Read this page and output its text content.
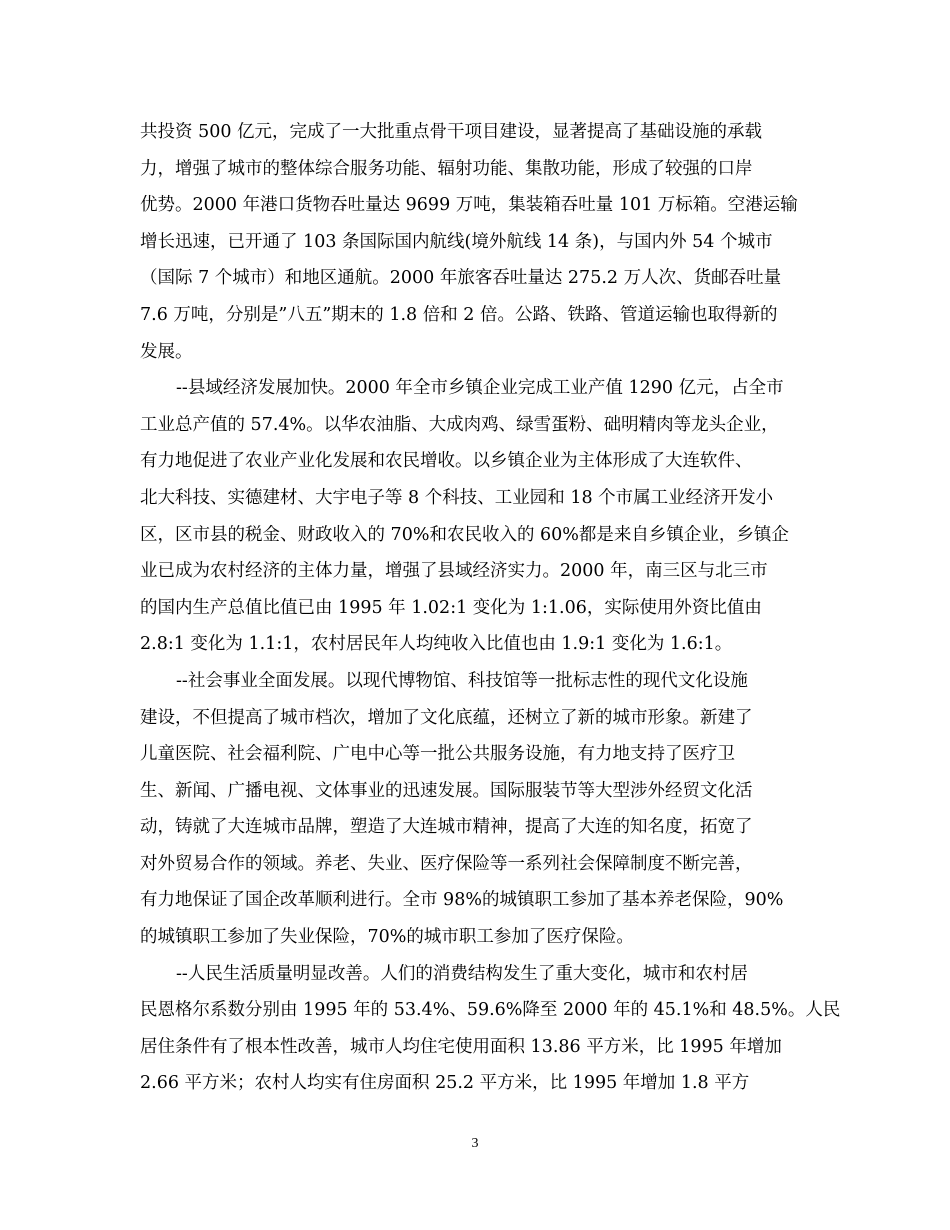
共投资 500 亿元，完成了一大批重点骨干项目建设，显著提高了基础设施的承载
力，增强了城市的整体综合服务功能、辐射功能、集散功能，形成了较强的口岸
优势。2000 年港口货物吞吐量达 9699 万吨，集装箱吞吐量 101 万标箱。空港运输
增长迅速，已开通了 103 条国际国内航线(境外航线 14 条)，与国内外 54 个城市
（国际 7 个城市）和地区通航。2000 年旅客吞吐量达 275.2 万人次、货邮吞吐量
7.6 万吨，分别是”八五”期末的 1.8 倍和 2 倍。公路、铁路、管道运输也取得新的
发展。
--县域经济发展加快。2000 年全市乡镇企业完成工业产值 1290 亿元，占全市
工业总产值的 57.4%。以华农油脂、大成肉鸡、绿雪蛋粉、础明精肉等龙头企业，
有力地促进了农业产业化发展和农民增收。以乡镇企业为主体形成了大连软件、
北大科技、实德建材、大宇电子等 8 个科技、工业园和 18 个市属工业经济开发小
区，区市县的税金、财政收入的 70%和农民收入的 60%都是来自乡镇企业，乡镇企
业已成为农村经济的主体力量，增强了县域经济实力。2000 年，南三区与北三市
的国内生产总值比值已由 1995 年 1.02:1 变化为 1:1.06，实际使用外资比值由
2.8:1 变化为 1.1:1，农村居民年人均纯收入比值也由 1.9:1 变化为 1.6:1。
--社会事业全面发展。以现代博物馆、科技馆等一批标志性的现代文化设施
建设，不但提高了城市档次，增加了文化底蕴，还树立了新的城市形象。新建了
儿童医院、社会福利院、广电中心等一批公共服务设施，有力地支持了医疗卫
生、新闻、广播电视、文体事业的迅速发展。国际服装节等大型涉外经贸文化活
动，铸就了大连城市品牌，塑造了大连城市精神，提高了大连的知名度，拓宽了
对外贸易合作的领域。养老、失业、医疗保险等一系列社会保障制度不断完善，
有力地保证了国企改革顺利进行。全市 98%的城镇职工参加了基本养老保险，90%
的城镇职工参加了失业保险，70%的城市职工参加了医疗保险。
--人民生活质量明显改善。人们的消费结构发生了重大变化，城市和农村居
民恩格尔系数分别由 1995 年的 53.4%、59.6%降至 2000 年的 45.1%和 48.5%。人民
居住条件有了根本性改善，城市人均住宅使用面积 13.86 平方米，比 1995 年增加
2.66 平方米；农村人均实有住房面积 25.2 平方米，比 1995 年增加 1.8 平方
3
